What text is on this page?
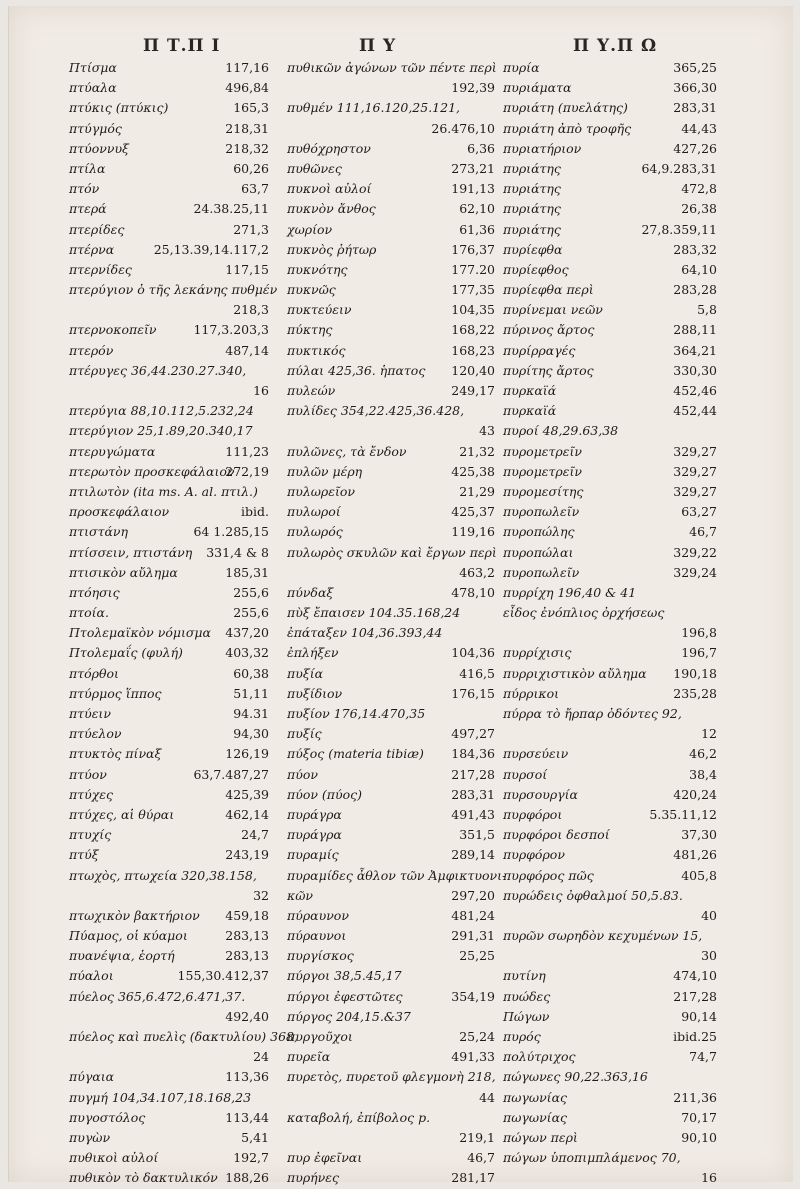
Π Τ.Π Ι	Π Υ	Π Υ.Π Ω
Πτίσμα	117,16
πτύαλα	496,84
πτύκις (πτύκις)	165,3
πτύγμός	218,31
πτύοννυξ	218,32
πτίλα	60,26
πτόν	63,7
πτερά	24.38.25,11
πτερίδες	271,3
πτέρνα	25,13.39,14.117,2
πτερνίδες	117,15
πτερύγιον ὁ τῆς λεκάνης πυθμέν
218,3
πτερνοκοπεῖν	117,3.203,3
πτερόν	487,14
πτέρυγες 36,44.230.27.340,
16
πτερύγια 88,10.112,5.232,24
πτερύγιον 25,1.89,20.340,17
πτερυγώματα	111,23
πτερωτὸν προσκεφάλαιον
272,19
πτιλωτὸν (ita ms. A. al. πτιλ.)
προσκεφάλαιον	ibid.
πτιστάνη	64 1.285,15
πτίσσειν, πτιστάνη 331,4 & 8
πτισικὸν αὔλημα	185,31
πτόησις	255,6
πτοία.	255,6
Πτολεμαϊκὸν νόμισμα 437,20
Πτολεμαΐς (φυλή)	403,32
πτόρθοι	60,38
πτύρμος ἵππος	51,11
πτύειν	94.31
πτύελον	94,30
πτυκτὸς πίναξ	126,19
πτύον	63,7.487,27
πτύχες	425,39
πτύχες, αἱ θύραι	462,14
πτυχίς	24,7
πτύξ	243,19
πτωχὸς, πτωχεία 320,38.158,
32
πτωχικὸν βακτήριον 459,18
Πύαμος, οἱ κύαμοι	283,13
πυανέψια, ἑορτή	283,13
πύαλοι	155,30.412,37
πύελος 365,6.472,6.471,37.
492,40
πύελος καὶ πυελὶς (δακτυλίου) 368,
24
πύγαια	113,36
πυγμή 104,34.107,18.168,23
πυγοστόλος	113,44
πυγὼν	5,41
πυθικοὶ αὐλοί	192,7
πυθικὸν τὸ δακτυλικόν 188,26
πυθικῶν ἀγώνων τῶν πέντε περὶ
192,39
πυθμέν 111,16.120,25.121,
26.476,10
πυθόχρηστον	6,36
πυθῶνες	273,21
πυκνοὶ αὐλοί	191,13
πυκνὸν ἄνθος	62,10
χωρίον	61,36
πυκνὸς ῥήτωρ	176,37
πυκνότης	177.20
πυκνῶς	177,35
πυκτεύειν	104,35
πύκτης	168,22
πυκτικός	168,23
πύλαι 425,36. ἡπατος 120,40
πυλεών	249,17
πυλίδες 354,22.425,36.428,
43
πυλῶνες, τὰ ἔνδον	21,32
πυλῶν μέρη	425,38
πυλωρεῖον	21,29
πυλωροί	425,37
πυλωρός	119,16
πυλωρὸς σκυλῶν καὶ ἔργων περὶ
463,2
πύνδαξ	478,10
πὺξ ἔπαισεν 104.35.168,24
ἐπάταξεν 104,36.393,44
ἐπλήξεν	104,36
πυξία	416,5
πυξίδιον	176,15
πυξίον 176,14.470,35
πυξίς	497,27
πύξος (materia tibiæ) 184,36
πύον	217,28
πύον (πύος)	283,31
πυράγρα	491,43
πυράγρα	351,5
πυραμίς	289,14
πυραμίδες ἆθλον τῶν Ἀμφικτυονι-
κῶν	297,20
πύραυνον	481,24
πύραυνοι	291,31
πυργίσκος	25,25
πύργοι 38,5.45,17
πύργοι ἐφεστῶτες	354,19
πύργος 204,15.&37
πυργοῦχοι	25,24
πυρεῖα	491,33
πυρετὸς, πυρετοῦ φλεγμονὴ 218,
44
καταβολή, ἐπίβολος p.
219,1
πυρ ἐφεῖναι	46,7
πυρήνες	281,17
πυρία	365,25
πυριάματα	366,30
πυριάτη (πυελάτης)	283,31
πυριάτη ἀπὸ τροφῆς	44,43
πυριατήριον	427,26
πυριάτης	64,9.283,31
πυριάτης	472,8
πυριάτης	26,38
πυριάτης	27,8.359,11
πυρίεφθα	283,32
πυρίεφθος	64,10
πυρίεφθα περὶ	283,28
πυρίνεμαι νεῶν	5,8
πύρινος ἄρτος	288,11
πυρίρραγές	364,21
πυρίτης ἄρτος	330,30
πυρκαϊά	452,46
πυρκαϊά	452,44
πυροί 48,29.63,38
πυρομετρεῖν	329,27
πυρομετρεῖν	329,27
πυρομεσίτης	329,27
πυροπωλεῖν	63,27
πυροπώλης	46,7
πυροπώλαι	329,22
πυροπωλεῖν	329,24
πυρρίχη 196,40 & 41
εἶδος ἐνόπλιος ὀρχήσεως
196,8
πυρρίχισις	196,7
πυρριχιστικὸν αὔλημα 190,18
πύρρικοι	235,28
πύρρα τὸ ἤρπαρ ὀδόντες 92,
12
πυρσεύειν	46,2
πυρσοί	38,4
πυρσουργία	420,24
πυρφόροι	5.35.11,12
πυρφόροι δεσποί	37,30
πυρφόρον	481,26
πυρφόρος πῶς	405,8
πυρώδεις ὀφθαλμοί 50,5.83.
40
πυρῶν σωρηδὸν κεχυμένων 15,
30
πυτίνη	474,10
πυώδες	217,28
Πώγων	90,14
πυρός	ibid.25
πολύτριχος	74,7
πώγωνες 90,22.363,16
πωγωνίας	211,36
πωγωνίας	70,17
πώγων περὶ	90,10
πώγων ὑποπιμπλάμενος 70,
16
